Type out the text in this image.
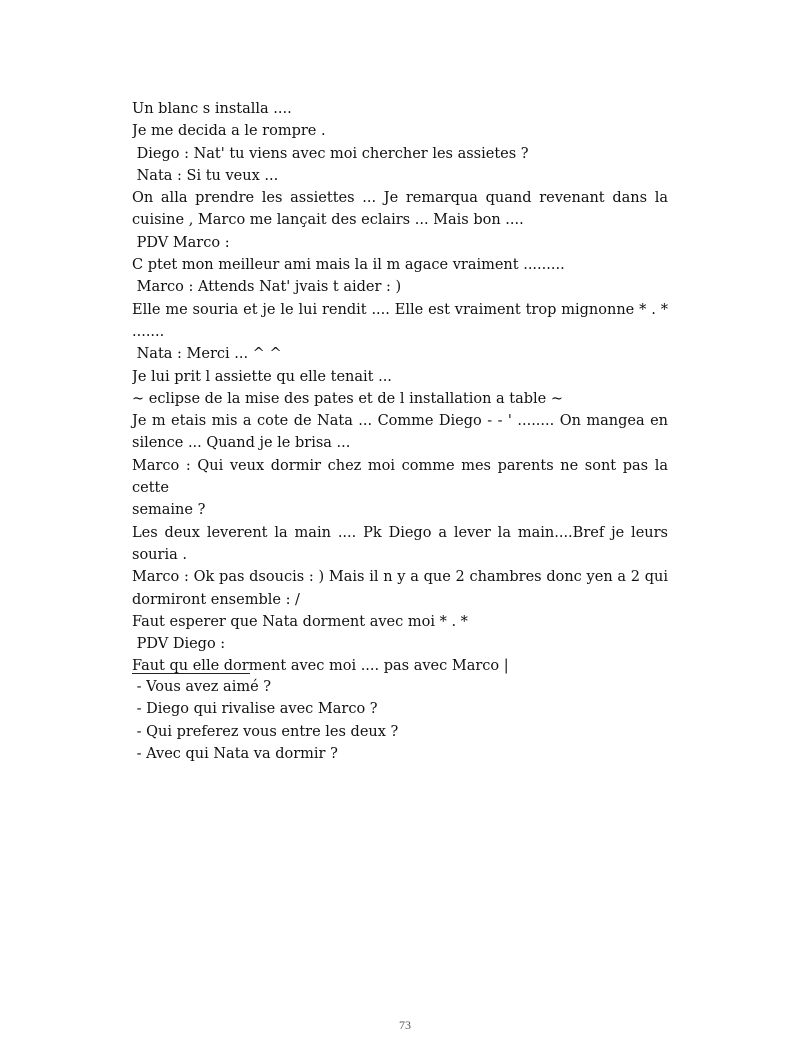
Un blanc s installa ....
Je me decida a le rompre .
Diego : Nat' tu viens avec moi chercher les assietes ?
Nata : Si tu veux ...
On alla prendre les assiettes ... Je remarqua quand revenant dans la
cuisine , Marco me lançait des eclairs ... Mais bon ....
PDV Marco :
C ptet mon meilleur ami mais la il m agace vraiment .........
Marco : Attends Nat' jvais t aider : )
Elle me souria et je le lui rendit .... Elle est vraiment trop mignonne * . *
.......
Nata : Merci ... ^ ^
Je lui prit l assiette qu elle tenait ...
~ eclipse de la mise des pates et de l installation a table ~
Je m etais mis a cote de Nata ... Comme Diego - - ' ........ On mangea en
silence ... Quand je le brisa ...
Marco : Qui veux dormir chez moi comme mes parents ne sont pas la cette
semaine ?
Les deux leverent la main .... Pk Diego a lever la main....Bref je leurs
souria .
Marco : Ok pas dsoucis : ) Mais il n y a que 2 chambres donc yen a 2 qui
dormiront ensemble : /
Faut esperer que Nata dorment avec moi * . *
PDV Diego :
Faut qu elle dorment avec moi .... pas avec Marco |
- Vous avez aimé ?
- Diego qui rivalise avec Marco ?
- Qui preferez vous entre les deux ?
- Avec qui Nata va dormir ?
73
